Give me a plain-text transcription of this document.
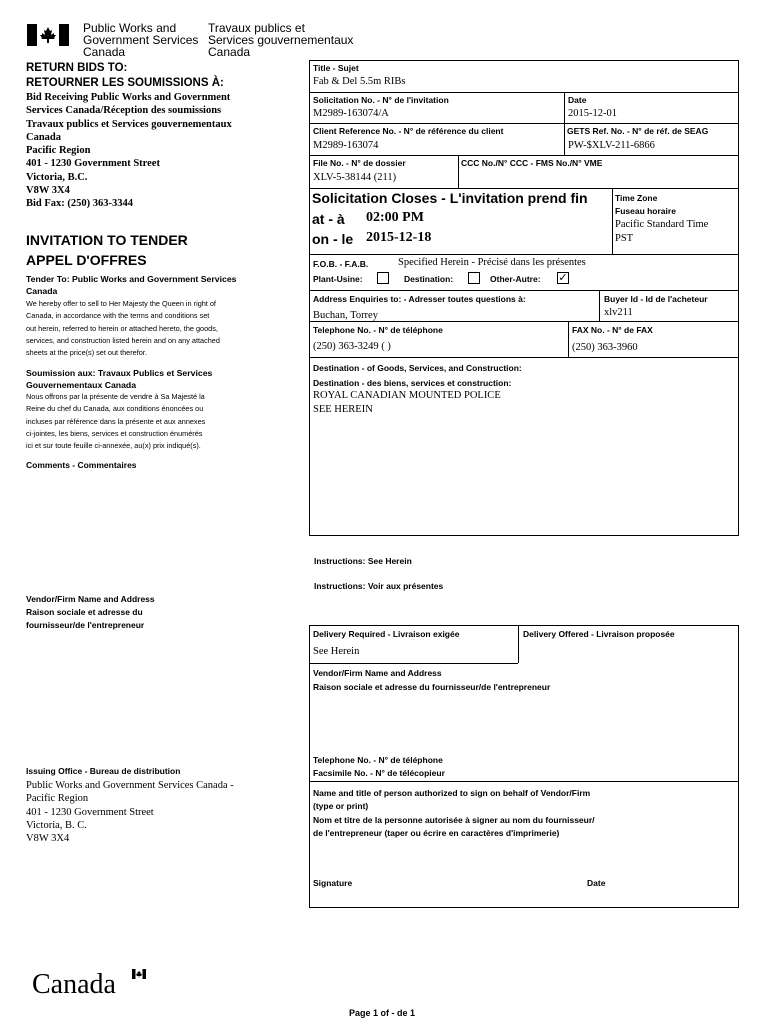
Public Works and
Government Services
Canada
Travaux publics et
Services gouvernementaux
Canada
RETURN BIDS TO:
RETOURNER LES SOUMISSIONS À:
Bid Receiving Public Works and Government
Services Canada/Réception des soumissions
Travaux publics et Services gouvernementaux
Canada
Pacific Region
401 - 1230 Government Street
Victoria, B.C.
V8W 3X4
Bid Fax: (250) 363-3344
INVITATION TO TENDER
APPEL D'OFFRES
Tender To: Public Works and Government Services
Canada
We hereby offer to sell to Her Majesty the Queen in right of
Canada, in accordance with the terms and conditions set
out herein, referred to herein or attached hereto, the goods,
services, and construction listed herein and on any attached
sheets at the price(s) set out therefor.
Soumission aux: Travaux Publics et Services
Gouvernementaux Canada
Nous offrons par la présente de vendre à Sa Majesté la
Reine du chef du Canada, aux conditions énoncées ou
incluses par référence dans la présente et aux annexes
ci-jointes, les biens, services et construction énumérés
ici et sur toute feuille ci-annexée, au(x) prix indiqué(s).
Comments - Commentaires
Vendor/Firm Name and Address
Raison sociale et adresse du
fournisseur/de l'entrepreneur
Issuing Office - Bureau de distribution
Public Works and Government Services Canada -
Pacific Region
401 - 1230 Government Street
Victoria, B. C.
V8W 3X4
Title - Sujet
Fab & Del 5.5m RIBs
Solicitation No. - N° de l'invitation
M2989-163074/A
Date
2015-12-01
Client Reference No. - N° de référence du client
M2989-163074
GETS Ref. No. - N° de réf. de SEAG
PW-$XLV-211-6866
File No. - N° de dossier
XLV-5-38144 (211)
CCC No./N° CCC - FMS No./N° VME
Solicitation Closes - L'invitation prend fin
at - à 02:00 PM
on - le 2015-12-18
Time Zone
Fuseau horaire
Pacific Standard Time
PST
F.O.B. - F.A.B.	Specified Herein - Précisé dans les présentes
Plant-Usine:	Destination:	Other-Autre: ✓
Address Enquiries to: - Adresser toutes questions à:
Buchan, Torrey
Buyer Id - Id de l'acheteur
xlv211
Telephone No. - N° de téléphone
(250) 363-3249 ( )
FAX No. - N° de FAX
(250) 363-3960
Destination - of Goods, Services, and Construction:
Destination - des biens, services et construction:
ROYAL CANADIAN MOUNTED POLICE
SEE HEREIN
Instructions: See Herein
Instructions: Voir aux présentes
Delivery Required - Livraison exigée
See Herein
Delivery Offered - Livraison proposée
Vendor/Firm Name and Address
Raison sociale et adresse du fournisseur/de l'entrepreneur
Telephone No. - N° de téléphone
Facsimile No. - N° de télécopieur
Name and title of person authorized to sign on behalf of Vendor/Firm
(type or print)
Nom et titre de la personne autorisée à signer au nom du fournisseur/
de l'entrepreneur (taper ou écrire en caractères d'imprimerie)
Signature	Date
Canada
Page 1 of - de 1
